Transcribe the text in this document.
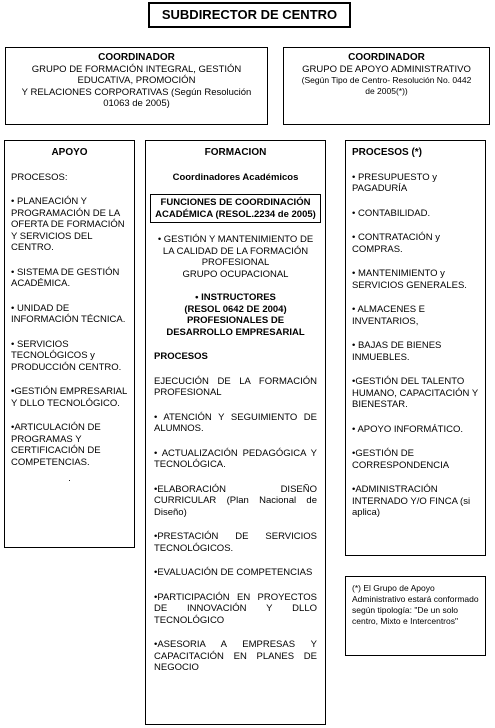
SUBDIRECTOR DE CENTRO
COORDINADOR
GRUPO DE FORMACIÓN INTEGRAL, GESTIÓN
EDUCATIVA, PROMOCIÓN
Y RELACIONES CORPORATIVAS (Según Resolución
01063 de 2005)
COORDINADOR
GRUPO DE APOYO ADMINISTRATIVO
(Según Tipo de Centro- Resolución No. 0442
de 2005(*))
APOYO
PROCESOS:
• PLANEACIÓN Y PROGRAMACIÓN DE LA OFERTA DE FORMACIÓN Y SERVICIOS DEL CENTRO.
• SISTEMA DE GESTIÓN ACADÉMICA.
• UNIDAD DE INFORMACIÓN TÉCNICA.
• SERVICIOS TECNOLÓGICOS y PRODUCCIÓN CENTRO.
•GESTIÓN EMPRESARIAL
Y DLLO TECNOLÓGICO.
•ARTICULACIÓN DE PROGRAMAS Y CERTIFICACIÓN DE COMPETENCIAS.
.
FORMACION
Coordinadores Académicos
FUNCIONES DE COORDINACIÓN ACADÉMICA (RESOL.2234 de 2005)
• GESTIÓN Y MANTENIMIENTO DE LA CALIDAD DE LA FORMACIÓN PROFESIONAL
GRUPO OCUPACIONAL
• INSTRUCTORES
(RESOL 0642 DE 2004)
PROFESIONALES DE DESARROLLO EMPRESARIAL
PROCESOS
EJECUCIÓN DE LA FORMACIÓN PROFESIONAL
• ATENCIÓN Y SEGUIMIENTO DE ALUMNOS.
• ACTUALIZACIÓN PEDAGÓGICA Y TECNOLÓGICA.
•ELABORACIÓN DISEÑO CURRICULAR (Plan Nacional de Diseño)
•PRESTACIÓN DE SERVICIOS TECNOLÓGICOS.
•EVALUACIÓN DE COMPETENCIAS
•PARTICIPACIÓN EN PROYECTOS DE INNOVACIÓN Y DLLO TECNOLÓGICO
•ASESORIA A EMPRESAS Y CAPACITACIÓN EN PLANES DE NEGOCIO
PROCESOS (*)
• PRESUPUESTO y PAGADURÍA
• CONTABILIDAD.
• CONTRATACIÓN y COMPRAS.
• MANTENIMIENTO y SERVICIOS GENERALES.
• ALMACENES E INVENTARIOS,
• BAJAS DE BIENES INMUEBLES.
•GESTIÓN DEL TALENTO HUMANO, CAPACITACIÓN Y BIENESTAR.
• APOYO INFORMÁTICO.
•GESTIÓN DE CORRESPONDENCIA
•ADMINISTRACIÓN INTERNADO Y/O FINCA (si aplica)
(*) El Grupo de Apoyo Administrativo estará conformado según tipología: "De un solo centro, Mixto e Intercentros"
